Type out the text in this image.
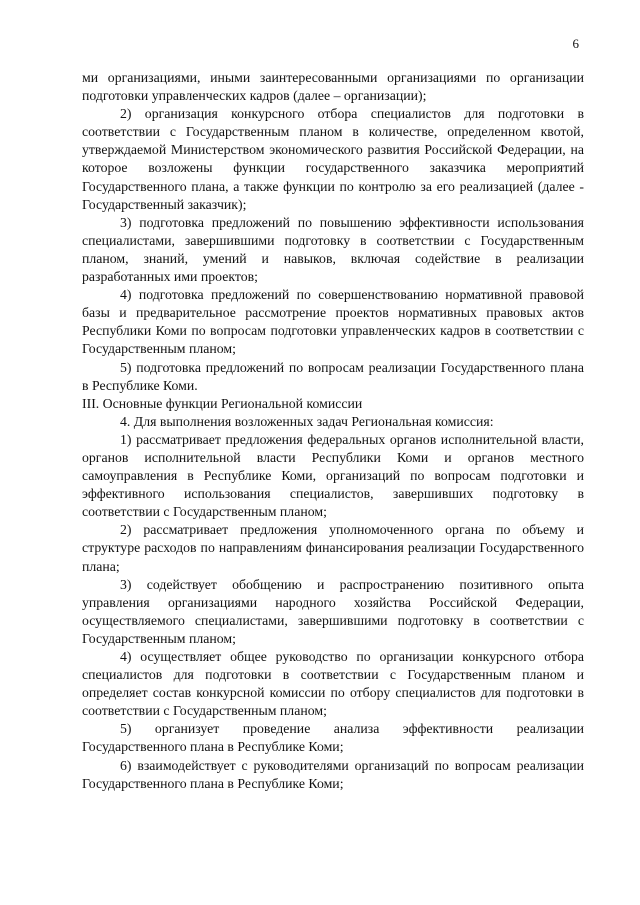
6

ми организациями, иными заинтересованными организациями по организации подготовки управленческих кадров (далее – организации);

2) организация конкурсного отбора специалистов для подготовки в соответствии с Государственным планом в количестве, определенном квотой, утверждаемой Министерством экономического развития Российской Федерации, на которое возложены функции государственного заказчика мероприятий Государственного плана, а также функции по контролю за его реализацией (далее - Государственный заказчик);

3) подготовка предложений по повышению эффективности использования специалистами, завершившими подготовку в соответствии с Государственным планом, знаний, умений и навыков, включая содействие в реализации разработанных ими проектов;

4) подготовка предложений по совершенствованию нормативной правовой базы и предварительное рассмотрение проектов нормативных правовых актов Республики Коми по вопросам подготовки управленческих кадров в соответствии с Государственным планом;

5) подготовка предложений по вопросам реализации Государственного плана в Республике Коми.

III. Основные функции Региональной комиссии

4. Для выполнения возложенных задач Региональная комиссия:

1) рассматривает предложения федеральных органов исполнительной власти, органов исполнительной власти Республики Коми и органов местного самоуправления в Республике Коми, организаций по вопросам подготовки и эффективного использования специалистов, завершивших подготовку в соответствии с Государственным планом;

2) рассматривает предложения уполномоченного органа по объему и структуре расходов по направлениям финансирования реализации Государственного плана;

3) содействует обобщению и распространению позитивного опыта управления организациями народного хозяйства Российской Федерации, осуществляемого специалистами, завершившими подготовку в соответствии с Государственным планом;

4) осуществляет общее руководство по организации конкурсного отбора специалистов для подготовки в соответствии с Государственным планом и определяет состав конкурсной комиссии по отбору специалистов для подготовки в соответствии с Государственным планом;

5) организует проведение анализа эффективности реализации Государственного плана в Республике Коми;

6) взаимодействует с руководителями организаций по вопросам реализации Государственного плана в Республике Коми;
